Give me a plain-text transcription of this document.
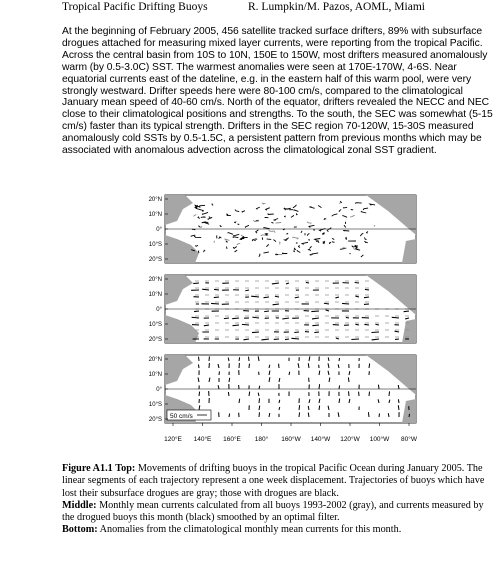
Tropical Pacific Drifting Buoys	R. Lumpkin/M. Pazos, AOML, Miami

At the beginning of February 2005, 456 satellite tracked surface drifters, 89% with subsurface drogues attached for measuring mixed layer currents, were reporting from the tropical Pacific. Across the central basin from 10S to 10N, 150E to 150W, most drifters measured anomalously warm (by 0.5-3.0C) SST. The warmest anomalies were seen at 170E-170W, 4-6S. Near equatorial currents east of the dateline, e.g. in the eastern half of this warm pool, were very strongly westward. Drifter speeds here were 80-100 cm/s, compared to the climatological January mean speed of 40-60 cm/s. North of the equator, drifters revealed the NECC and NEC close to their climatological positions and strengths. To the south, the SEC was somewhat (5-15 cm/s) faster than its typical strength. Drifters in the SEC region 70-120W, 15-30S measured anomalously cold SSTs by 0.5-1.5C, a persistent pattern from previous months which may be associated with anomalous advection across the climatological zonal SST gradient.

50 cm/s
20°N
10°N
0°
10°S
20°S
20°N
10°N
0°
10°S
20°S
20°N
10°N
0°
10°S
20°S
120°E 140°E 160°E 180° 160°W 140°W 120°W 100°W 80°W

Figure A1.1 Top: Movements of drifting buoys in the tropical Pacific Ocean during January 2005. The linear segments of each trajectory represent a one week displacement. Trajectories of buoys which have lost their subsurface drogues are gray; those with drogues are black.

Middle: Monthly mean currents calculated from all buoys 1993-2002 (gray), and currents measured by the drogued buoys this month (black) smoothed by an optimal filter.

Bottom: Anomalies from the climatological monthly mean currents for this month.
